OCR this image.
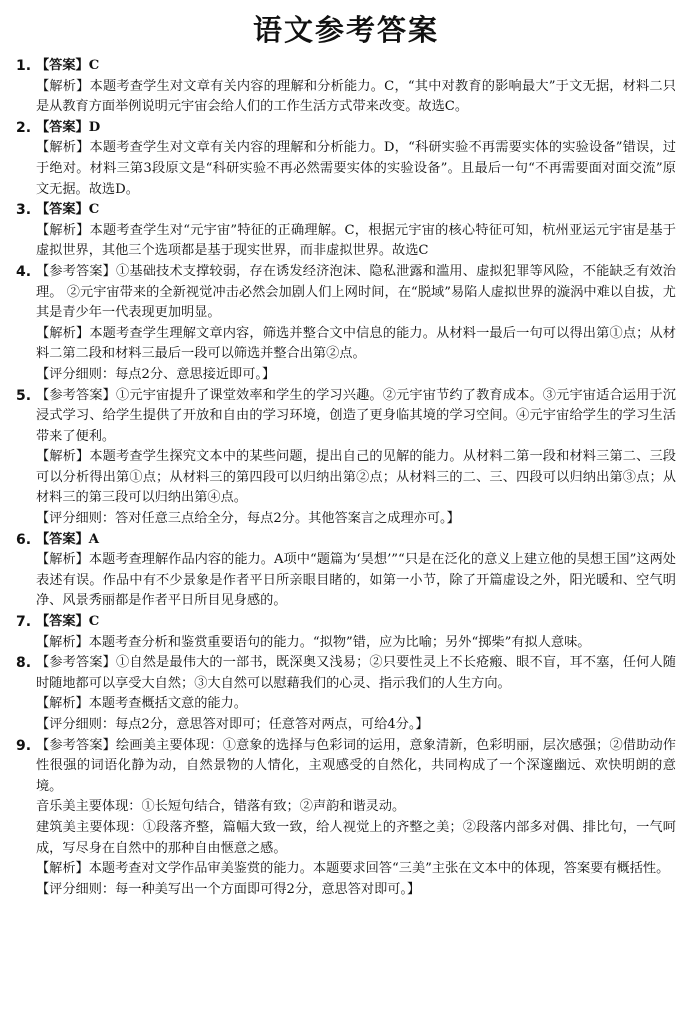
语文参考答案
1. 【答案】C

【解析】本题考查学生对文章有关内容的理解和分析能力。C，“其中对教育的影响最大”于文无据，材料二只是从教育方面举例说明元宇宙会给人们的工作生活方式带来改变。故选C。

2. 【答案】D

【解析】本题考查学生对文章有关内容的理解和分析能力。D，“科研实验不再需要实体的实验设备”错误，过于绝对。材料三第3段原文是“科研实验不再必然需要实体的实验设备”。且最后一句“不再需要面对面交流”原文无据。故选D。

3. 【答案】C

【解析】本题考查学生对“元宇宙”特征的正确理解。C，根据元宇宙的核心特征可知，杭州亚运元宇宙是基于虚拟世界，其他三个选项都是基于现实世界，而非虚拟世界。故选C

4. 【参考答案】①基础技术支撑较弱，存在诱发经济泡沫、隐私泄露和滥用、虚拟犯罪等风险，不能缺乏有效治理。 ②元宇宙带来的全新视觉冲击必然会加剧人们上网时间，在“脱域”易陷人虚拟世界的漩涡中难以自拔，尤其是青少年一代表现更加明显。

【解析】本题考查学生理解文章内容，筛选并整合文中信息的能力。从材料一最后一句可以得出第①点；从材料二第二段和材料三最后一段可以筛选并整合出第②点。

【评分细则：每点2分、意思接近即可。】

5. 【参考答案】①元宇宙提升了课堂效率和学生的学习兴趣。②元宇宙节约了教育成本。③元宇宙适合运用于沉浸式学习、给学生提供了开放和自由的学习环境，创造了更身临其境的学习空间。④元宇宙给学生的学习生活带来了便利。

【解析】本题考查学生探究文本中的某些问题，提出自己的见解的能力。从材料二第一段和材料三第二、三段可以分析得出第①点；从材料三的第四段可以归纳出第②点；从材料三的二、三、四段可以归纳出第③点；从材料三的第三段可以归纳出第④点。

【评分细则：答对任意三点给全分，每点2分。其他答案言之成理亦可。】

6. 【答案】A

【解析】本题考查理解作品内容的能力。A项中“题篇为‘昊想’”“只是在泛化的意义上建立他的昊想王国”这两处表述有误。作品中有不少景象是作者平日所亲眼目睹的，如第一小节，除了开篇虚设之外，阳光暖和、空气明净、风景秀丽都是作者平日所目见身感的。

7. 【答案】C

【解析】本题考查分析和鉴赏重要语句的能力。“拟物”错，应为比喻；另外“掷柴”有拟人意味。

8. 【参考答案】①自然是最伟大的一部书，既深奥又浅易；②只要性灵上不长疮瘢、眼不盲，耳不塞，任何人随时随地都可以享受大自然；③大自然可以慰藉我们的心灵、指示我们的人生方向。

【解析】本题考查概括文意的能力。

【评分细则：每点2分，意思答对即可；任意答对两点，可给4分。】

9. 【参考答案】绘画美主要体现：①意象的选择与色彩词的运用，意象清新，色彩明丽，层次感强；②借助动作性很强的词语化静为动，自然景物的人情化，主观感受的自然化，共同构成了一个深邃幽远、欢快明朗的意境。

音乐美主要体现：①长短句结合，错落有致；②声韵和谐灵动。

建筑美主要体现：①段落齐整，篇幅大致一致，给人视觉上的齐整之美；②段落内部多对偶、排比句，一气呵成，写尽身在自然中的那种自由惬意之感。

【解析】本题考查对文学作品审美鉴赏的能力。本题要求回答“三美”主张在文本中的体现，答案要有概括性。

【评分细则：每一种美写出一个方面即可得2分，意思答对即可。】
